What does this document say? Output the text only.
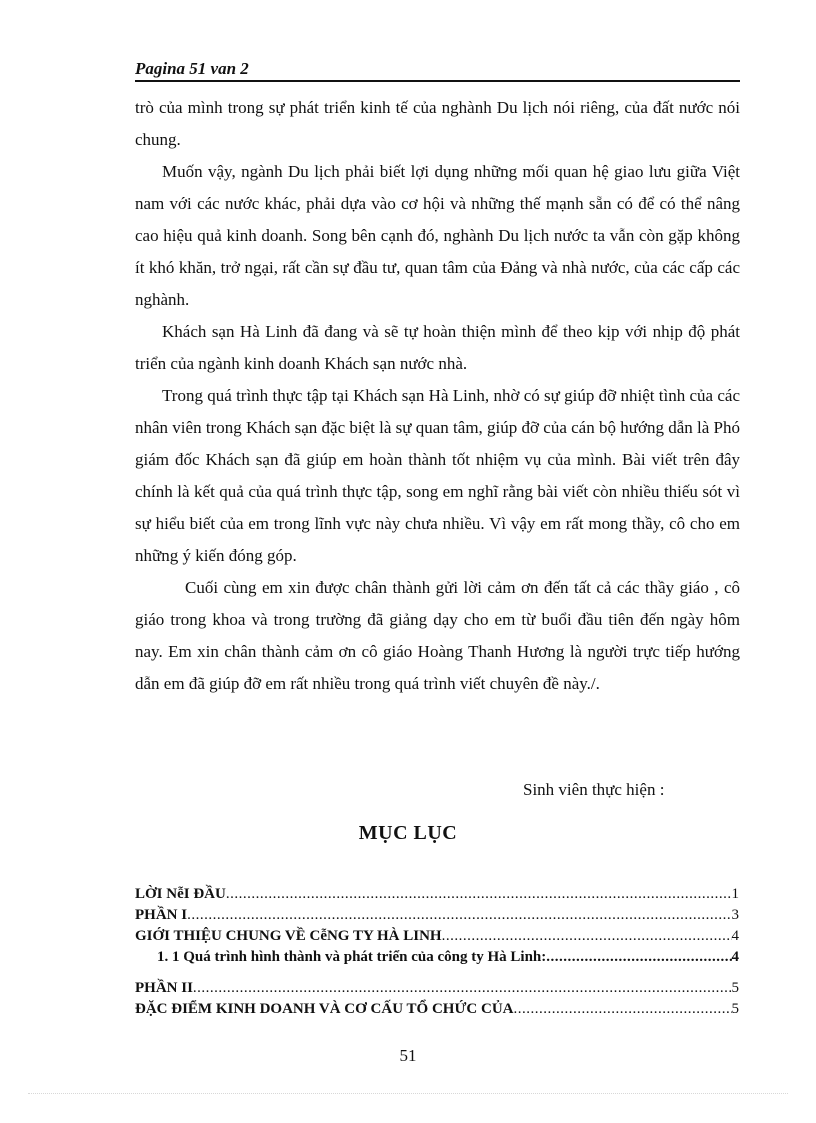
Pagina 51 van 2

trò của mình trong sự phát triển kinh tế của nghành Du lịch nói riêng, của đất nước nói chung.

Muốn vậy, ngành Du lịch phải biết lợi dụng những mối quan hệ giao lưu giữa Việt nam với các nước khác, phải dựa vào cơ hội và những thế mạnh sẵn có để có thể nâng cao hiệu quả kinh doanh. Song bên cạnh đó, nghành Du lịch nước ta vẫn còn gặp không ít khó khăn, trở ngại, rất cần sự đầu tư, quan tâm của Đảng và nhà nước, của các cấp các nghành.

Khách sạn Hà Linh đã đang và sẽ tự hoàn thiện mình để theo kịp với nhịp độ phát triển của ngành kinh doanh Khách sạn nước nhà.

Trong quá trình thực tập tại Khách sạn Hà Linh, nhờ có sự giúp đỡ nhiệt tình của các nhân viên trong Khách sạn đặc biệt là sự quan tâm, giúp đỡ của cán bộ hướng dẫn là Phó giám đốc Khách sạn đã giúp em hoàn thành tốt nhiệm vụ của mình. Bài viết trên đây chính là kết quả của quá trình thực tập, song em nghĩ rằng bài viết còn nhiều thiếu sót vì sự hiểu biết của em trong lĩnh vực này chưa nhiều. Vì vậy em rất mong thầy, cô cho em những ý kiến đóng góp.

Cuối cùng em xin được chân thành gửi lời cảm ơn đến tất cả các thầy giáo , cô giáo trong khoa và trong trường đã giảng dạy cho em từ buổi đầu tiên đến ngày hôm nay. Em xin chân thành cảm ơn cô giáo Hoàng Thanh Hương là người trực tiếp hướng dẫn em đã giúp đỡ em rất nhiều trong quá trình viết chuyên đề này./.

Sinh viên thực hiện :
MỤC LỤC
LỜI NễI ĐẦU .....	1
PHẦN I .....	3
GIỚI THIỆU CHUNG VỀ CễNG TY HÀ LINH .....	4
1. 1 Quá trình hình thành và phát triển của công ty Hà Linh: .....	4
PHẦN II .....	5
ĐẶC ĐIỂM KINH DOANH VÀ CƠ CẤU TỔ CHỨC CỦA .....	5
51
